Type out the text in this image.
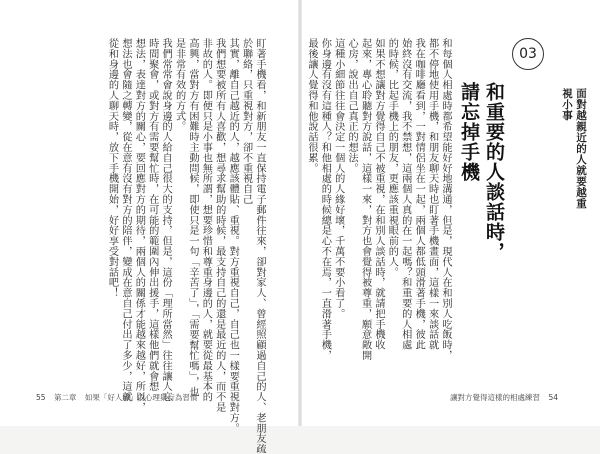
盯著手機看，和新朋友一直保持電子郵件往來，卻對家人、曾經照顧過自己的人、老朋友疏
於聯絡，只重視對方，卻不重視自己
其實，離自己越近的人，越應該體貼、重視。對方重視自己，自己也一樣要重視對方。
我們想要被所有人喜歡，想尋求幫助的時候，最支持自己的還是最近的人，而不是
非故的人。即便只是小事也無所謂，想要珍惜和尊重身邊的人，就要從最基本的
高興，當對方有困難時主動問候，即使只是一句「辛苦了」，「需要幫忙嗎」，也
是非常有效的方式。
我們常常會說身邊的人給自己很大的支持，但是，這份「理所當然」往往讓人忘
時間聚會，或對方有需要幫忙時，在可能的範圍內伸出援手，這樣他們就會想
想法，表達對方的關心，要回應對方的期待，兩個人的關係才能越來越好，所以，
想法也會隨之轉變，從在意有沒有對方的陪伴，變成在意自己付出了多少，這就
從和身邊的人聊天時，放下手機開始，好好享受對話吧！
55 第二章 如果「好人緣」的心理與行為習慣
和每個人相處時都希望能好好地溝通，但是，現代人在和別人吃飯時，
都不停地使用手機，和朋友聊天時也盯著手機畫面，這樣一來談話就
我在咖啡廳看到，一對情侶坐在一起，兩個人都低頭滑著手機，彼此
始終沒有交流，我不禁想，這兩個人真的在一起嗎？和重要的人相處
的時候，比起手機上的朋友，更應該重視眼前的人。
如果不想讓對方覺得自己不被重視，在和別人談話時，就請把手機收
起來，專心聆聽對方說話，這樣一來，對方也會覺得被尊重，願意敞開
心房，說出自己真正的想法。
這種小細節往往會決定一個人的人緣好壞，千萬不要小看了。
你身邊有沒有這種人？和他相處的時候總是心不在焉，一直滑著手機，
最後讓人覺得和他說話很累。	03
和重要的人談話時，
請忘掉手機	面對越親近的人就要越重
視小事
讓對方覺得這樣的相處練習 54
